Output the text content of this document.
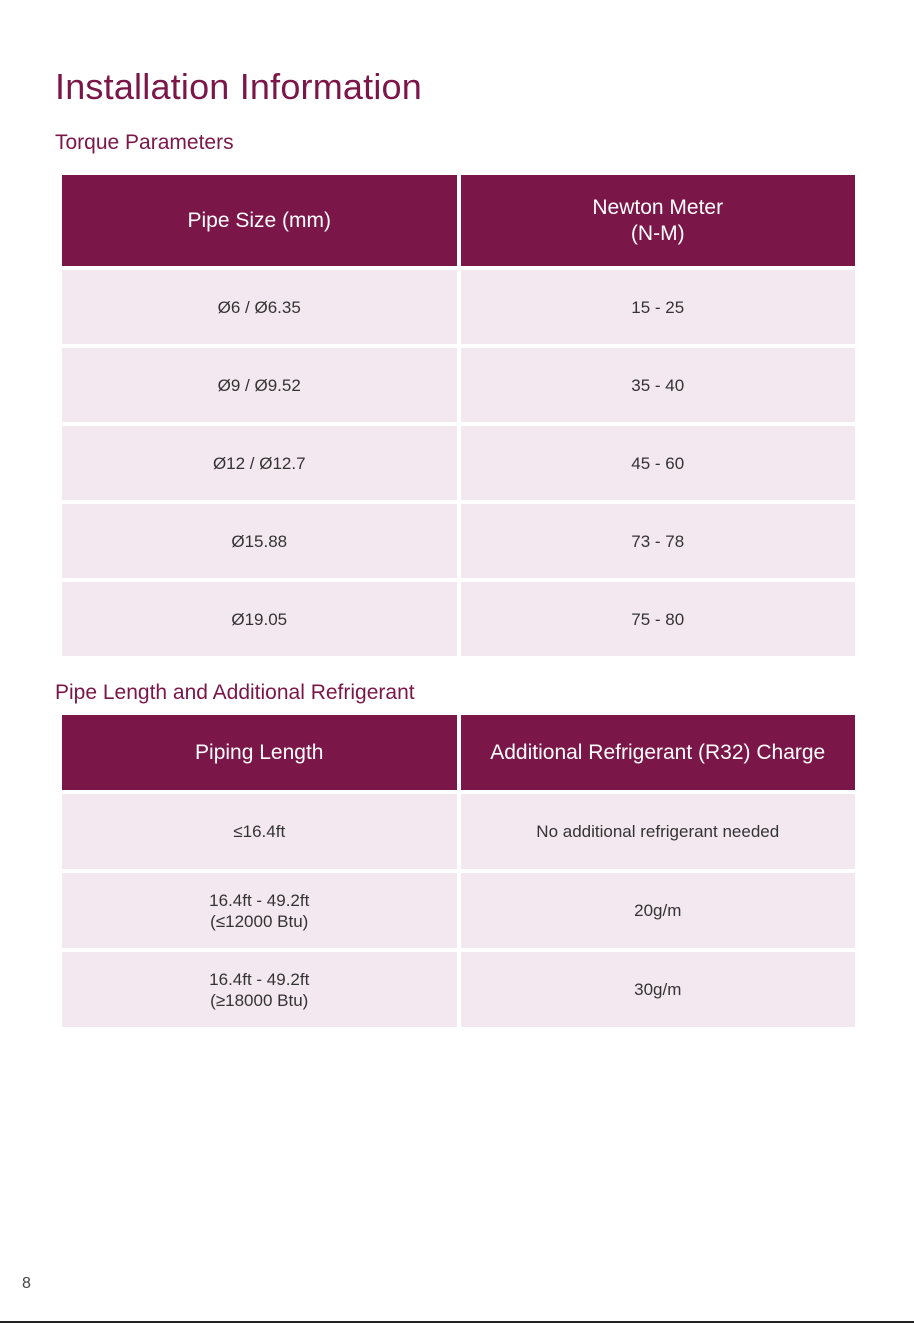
Installation Information
Torque Parameters
Pipe Size (mm)	Newton Meter
(N-M)

Ø6 / Ø6.35	15 - 25
Ø9 / Ø9.52	35 - 40
Ø12 / Ø12.7	45 - 60
Ø15.88	73 - 78
Ø19.05	75 - 80
Pipe Length and Additional Refrigerant
Piping Length	Additional Refrigerant (R32) Charge

≤16.4ft	No additional refrigerant needed

16.4ft - 49.2ft
(≤12000 Btu)	20g/m

16.4ft - 49.2ft
(≥18000 Btu)	30g/m
8
